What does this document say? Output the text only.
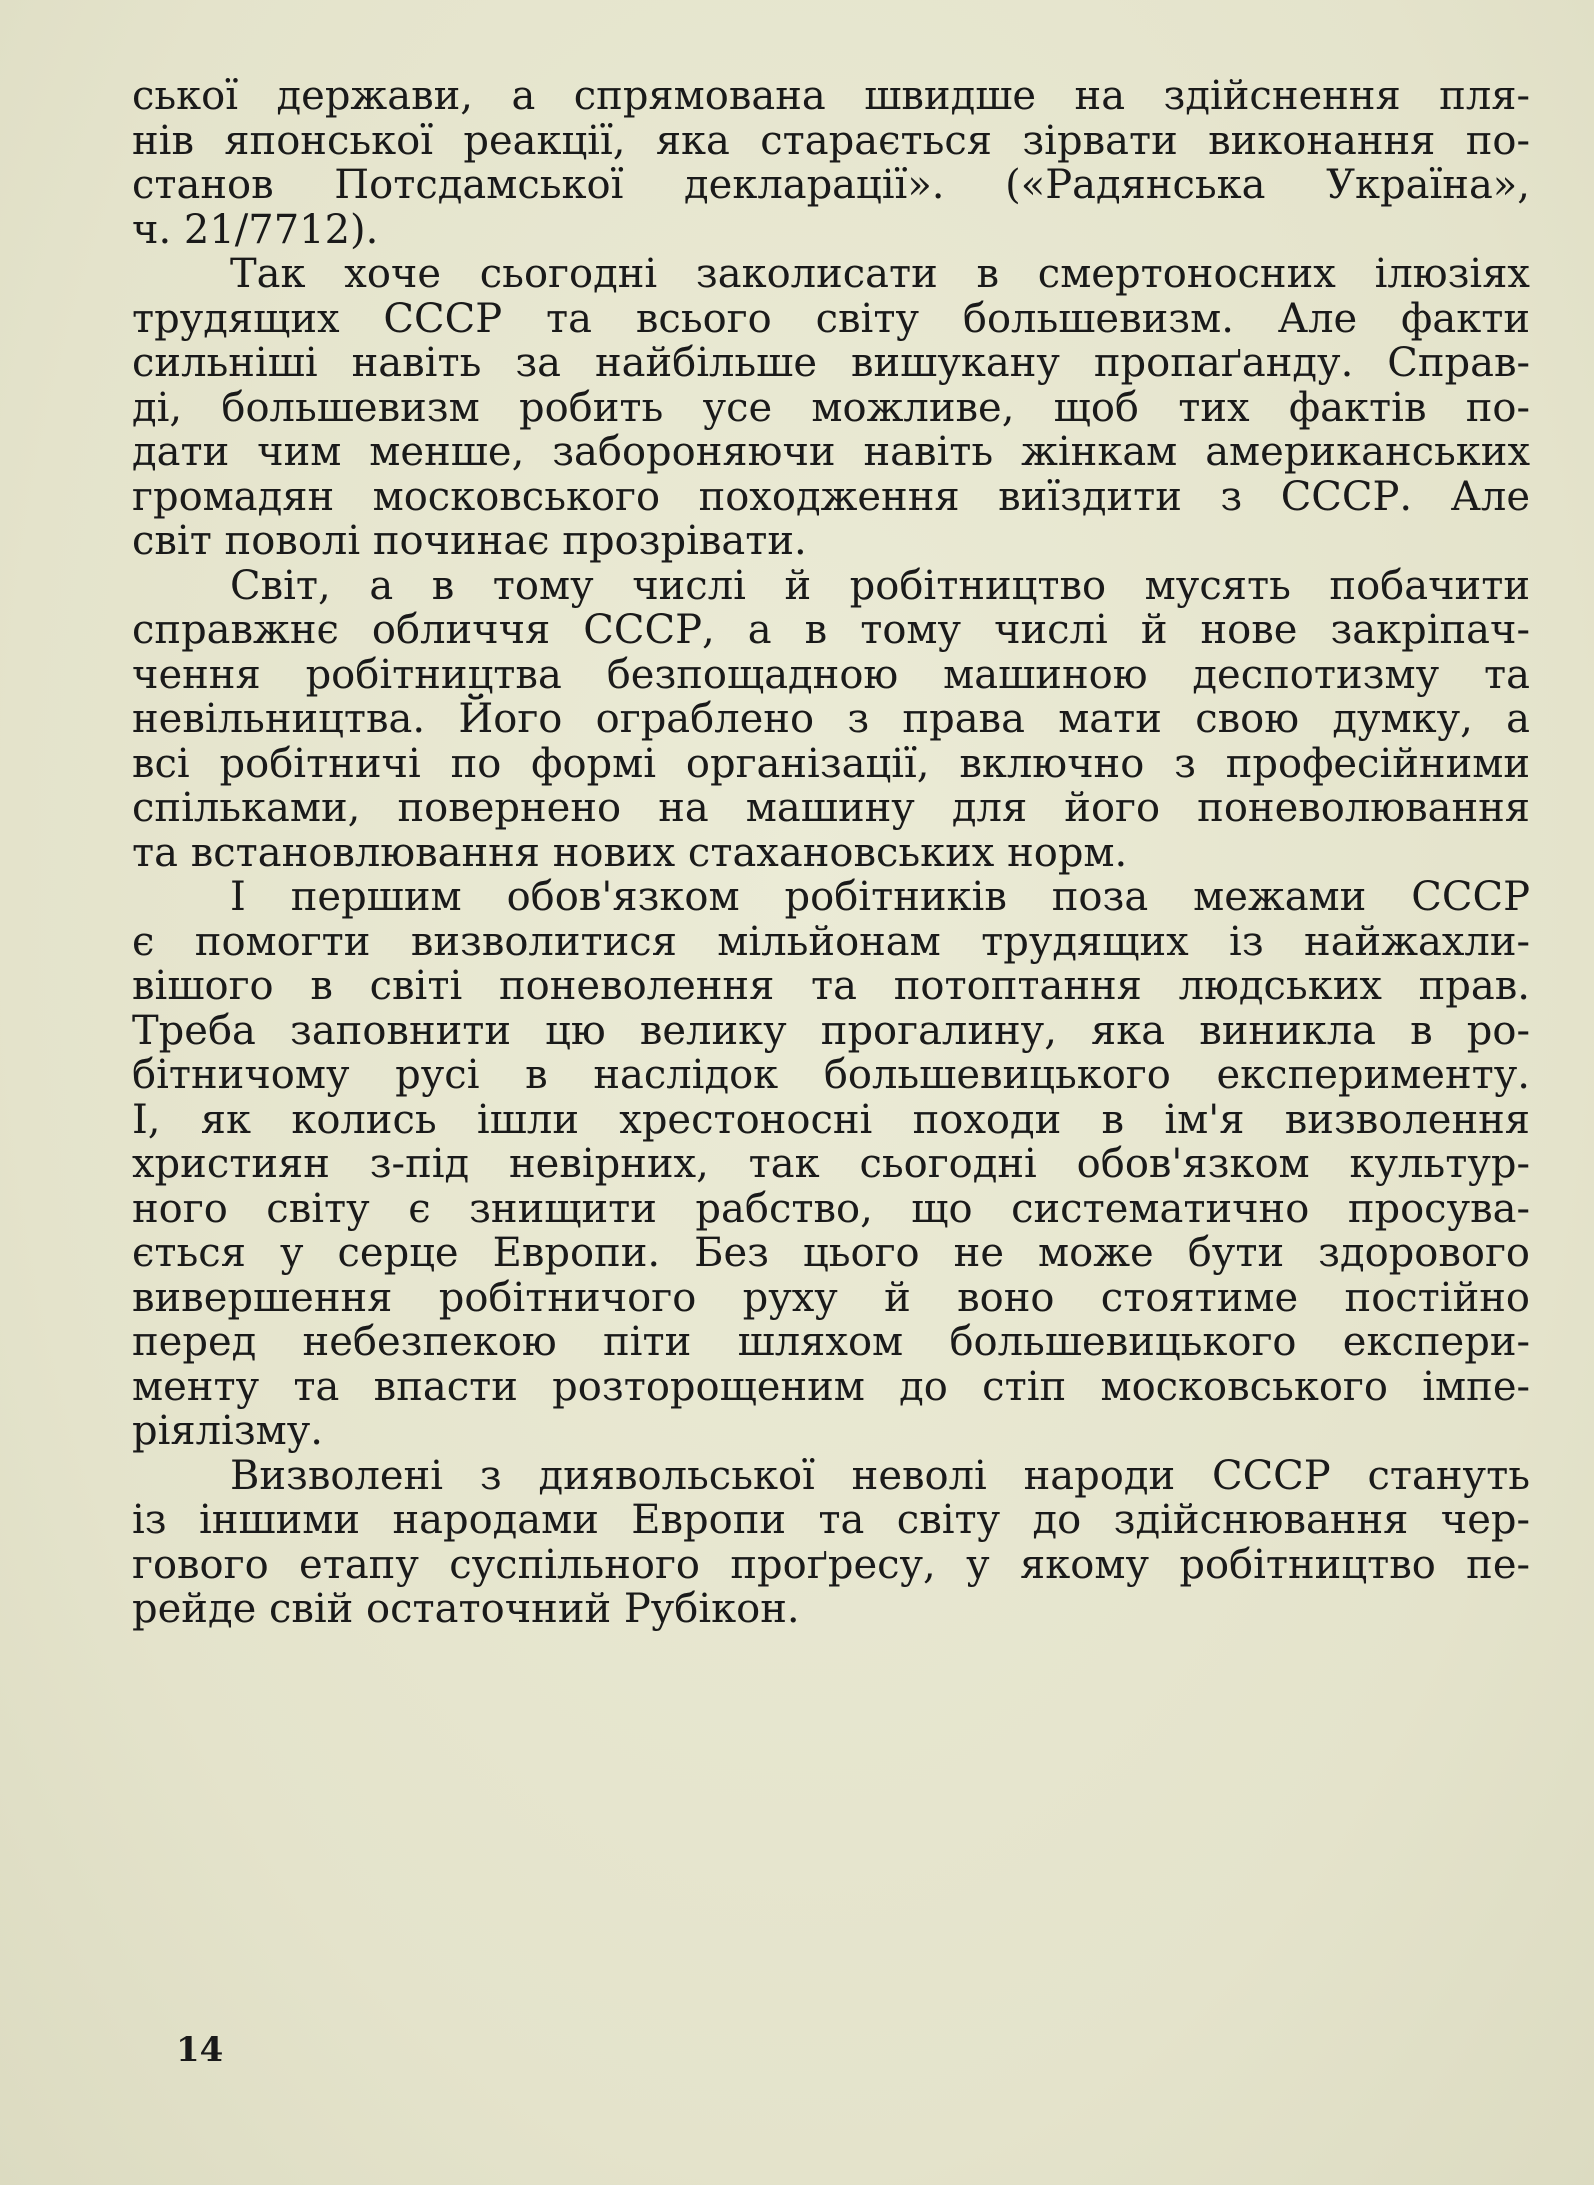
ської держави, а спрямована швидше на здійснення пля-
нів японської реакції, яка старається зірвати виконання по-
станов Потсдамської декларації». («Радянська Україна»,
ч. 21/7712).
Так хоче сьогодні заколисати в смертоносних ілюзіях
трудящих СССР та всього світу большевизм. Але факти
сильніші навіть за найбільше вишукану пропаґанду. Справ-
ді, большевизм робить усе можливе, щоб тих фактів по-
дати чим менше, забороняючи навіть жінкам американських
громадян московського походження виїздити з СССР. Але
світ поволі починає прозрівати.
Світ, а в тому числі й робітництво мусять побачити
справжнє обличчя СССР, а в тому числі й нове закріпач-
чення робітництва безпощадною машиною деспотизму та
невільництва. Його ограблено з права мати свою думку, а
всі робітничі по формі організації, включно з професійними
спільками, повернено на машину для його поневолювання
та встановлювання нових стахановських норм.
І першим обов'язком робітників поза межами СССР
є помогти визволитися мільйонам трудящих із найжахли-
вішого в світі поневолення та потоптання людських прав.
Треба заповнити цю велику прогалину, яка виникла в ро-
бітничому русі в наслідок большевицького експерименту.
І, як колись ішли хрестоносні походи в ім'я визволення
християн з-під невірних, так сьогодні обов'язком культур-
ного світу є знищити рабство, що систематично просува-
ється у серце Европи. Без цього не може бути здорового
вивершення робітничого руху й воно стоятиме постійно
перед небезпекою піти шляхом большевицького експери-
менту та впасти розторощеним до стіп московського імпе-
ріялізму.
Визволені з диявольської неволі народи СССР стануть
із іншими народами Европи та світу до здійснювання чер-
гового етапу суспільного проґресу, у якому робітництво пе-
рейде свій остаточний Рубікон.
14
